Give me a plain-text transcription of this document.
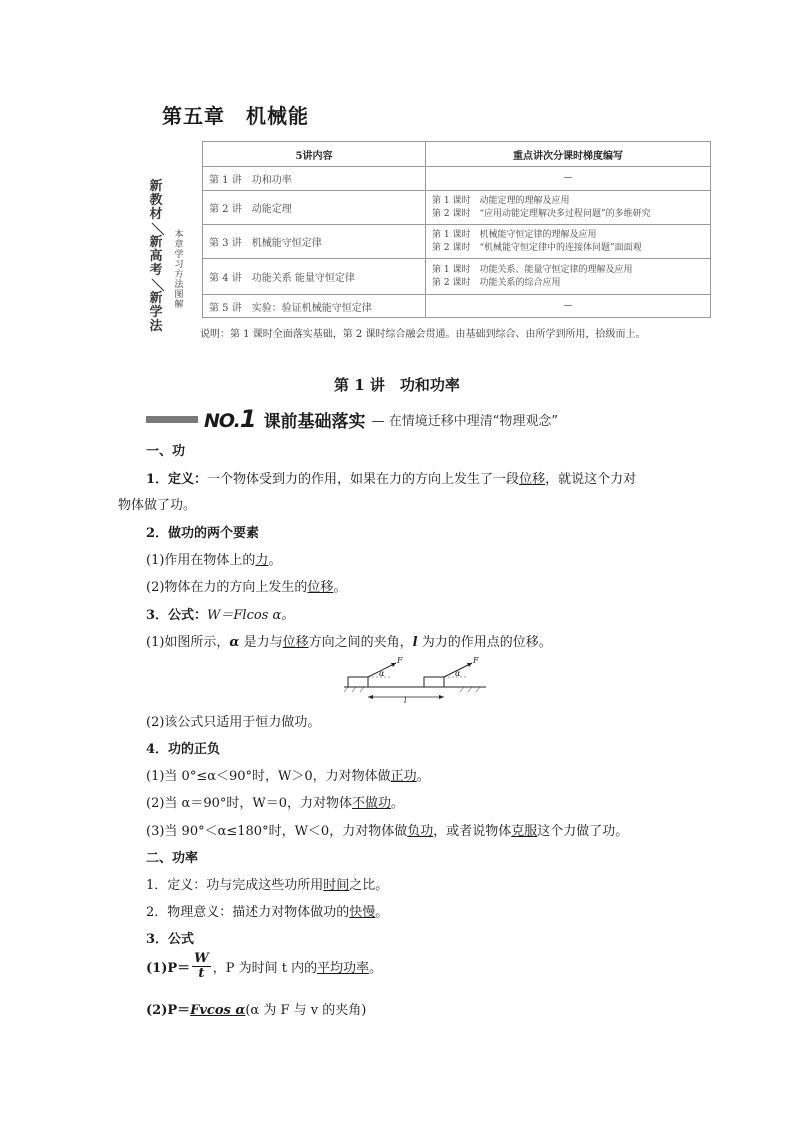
第五章　机械能
新
教
材
／
新
高
考
／
新
学
法
本
章
学
习
方
法
图
解
5讲内容	重点讲次分课时梯度编写
第 1 讲　功和功率	—
第 2 讲　动能定理	第 1 课时　动能定理的理解及应用
第 2 课时　“应用动能定理解决多过程问题”的多维研究

第 3 讲　机械能守恒定律	第 1 课时　机械能守恒定律的理解及应用
第 2 课时　“机械能守恒定律中的连接体问题”面面观

第 4 讲　功能关系 能量守恒定律	第 1 课时　功能关系、能量守恒定律的理解及应用
第 2 课时　功能关系的综合应用

第 5 讲　实验：验证机械能守恒定律	—
说明：第 1 课时全面落实基础，第 2 课时综合融会贯通。由基础到综合、由所学到所用，拾级而上。
第 1 讲　功和功率
NO.1 课前基础落实 — 在情境迁移中理清“物理观念”
一、功
1．定义：一个物体受到力的作用，如果在力的方向上发生了一段位移，就说这个力对
物体做了功。
2．做功的两个要素
(1)作用在物体上的力。
(2)物体在力的方向上发生的位移。
3．公式：W＝Flcos α。
(1)如图所示，α 是力与位移方向之间的夹角，l 为力的作用点的位移。
F	F
α	α
l
(2)该公式只适用于恒力做功。
4．功的正负
(1)当 0°≤α＜90°时，W＞0，力对物体做正功。
(2)当 α＝90°时，W＝0，力对物体不做功。
(3)当 90°＜α≤180°时，W＜0，力对物体做负功，或者说物体克服这个力做了功。
二、功率
1．定义：功与完成这些功所用时间之比。
2．物理意义：描述力对物体做功的快慢。
3．公式
$(1)P= \frac{W}{t}$ ，P 为时间 t 内的 平均功率 。
(2)P＝Fvcos α(α 为 F 与 v 的夹角)
